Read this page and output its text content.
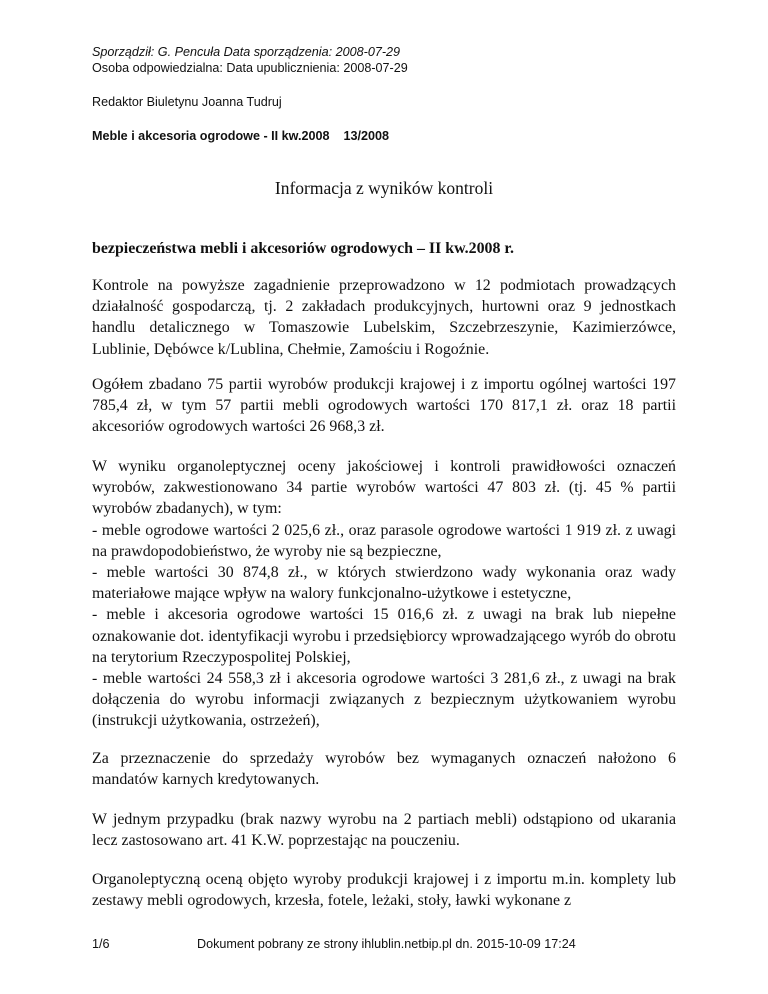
Sporządził: G. Pencuła Data sporządzenia: 2008-07-29
Osoba odpowiedzialna: Data upublicznienia: 2008-07-29
Redaktor Biuletynu Joanna Tudruj
Meble i akcesoria ogrodowe - II kw.2008 13/2008
Informacja z wyników kontroli
bezpieczeństwa mebli i akcesoriów ogrodowych – II kw.2008 r.

Kontrole na powyższe zagadnienie przeprowadzono w 12 podmiotach prowadzących działalność gospodarczą, tj. 2 zakładach produkcyjnych, hurtowni oraz 9 jednostkach handlu detalicznego w Tomaszowie Lubelskim, Szczebrzeszynie, Kazimierzówce, Lublinie, Dębówce k/Lublina, Chełmie, Zamościu i Rogoźnie.

Ogółem zbadano 75 partii wyrobów produkcji krajowej i z importu ogólnej wartości 197 785,4 zł, w tym 57 partii mebli ogrodowych wartości 170 817,1 zł. oraz 18 partii akcesoriów ogrodowych wartości 26 968,3 zł.

W wyniku organoleptycznej oceny jakościowej i kontroli prawidłowości oznaczeń wyrobów, zakwestionowano 34 partie wyrobów wartości 47 803 zł. (tj. 45 % partii wyrobów zbadanych), w tym:

- meble ogrodowe wartości 2 025,6 zł., oraz parasole ogrodowe wartości 1 919 zł. z uwagi na prawdopodobieństwo, że wyroby nie są bezpieczne,

- meble wartości 30 874,8 zł., w których stwierdzono wady wykonania oraz wady materiałowe mające wpływ na walory funkcjonalno-użytkowe i estetyczne,

- meble i akcesoria ogrodowe wartości 15 016,6 zł. z uwagi na brak lub niepełne oznakowanie dot. identyfikacji wyrobu i przedsiębiorcy wprowadzającego wyrób do obrotu na terytorium Rzeczypospolitej Polskiej,

- meble wartości 24 558,3 zł i akcesoria ogrodowe wartości 3 281,6 zł., z uwagi na brak dołączenia do wyrobu informacji związanych z bezpiecznym użytkowaniem wyrobu (instrukcji użytkowania, ostrzeżeń),

Za przeznaczenie do sprzedaży wyrobów bez wymaganych oznaczeń nałożono 6 mandatów karnych kredytowanych.

W jednym przypadku (brak nazwy wyrobu na 2 partiach mebli) odstąpiono od ukarania lecz zastosowano art. 41 K.W. poprzestając na pouczeniu.

Organoleptyczną oceną objęto wyroby produkcji krajowej i z importu m.in. komplety lub zestawy mebli ogrodowych, krzesła, fotele, leżaki, stoły, ławki wykonane z

1/6	Dokument pobrany ze strony ihlublin.netbip.pl dn. 2015-10-09 17:24
